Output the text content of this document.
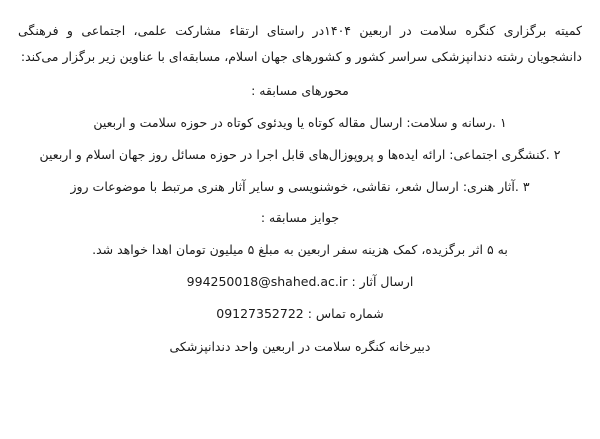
کمیته برگزاری کنگره سلامت در اربعین ۱۴۰۴در راستای ارتقاء مشارکت علمی، اجتماعی و فرهنگی دانشجویان رشته دندانپزشکی سراسر کشور و کشورهای جهان اسلام، مسابقه‌ای با عناوین زیر برگزار می‌کند:

محورهای مسابقه :

۱ .رسانه و سلامت: ارسال مقاله کوتاه یا ویدئوی کوتاه در حوزه سلامت و اربعین

۲ .کنشگری اجتماعی: ارائه ایده‌ها و پروپوزال‌های قابل اجرا در حوزه مسائل روز جهان اسلام و اربعین

۳ .آثار هنری: ارسال شعر، نقاشی، خوشنویسی و سایر آثار هنری مرتبط با موضوعات روز

جوایز مسابقه :

به ۵ اثر برگزیده، کمک هزینه سفر اربعین به مبلغ ۵ میلیون تومان اهدا خواهد شد.

ارسال آثار : 994250018@shahed.ac.ir

شماره تماس : 09127352722

دبیرخانه کنگره سلامت در اربعین واحد دندانپزشکی
